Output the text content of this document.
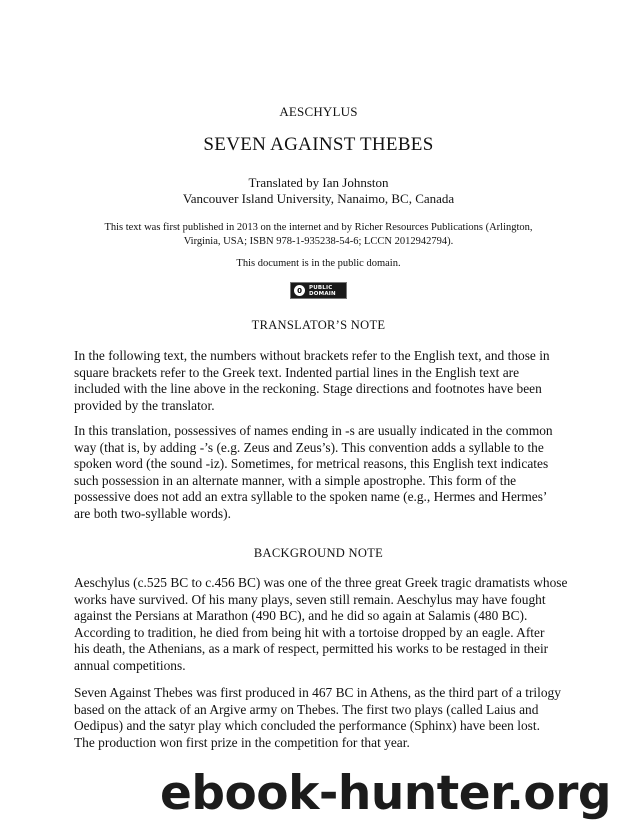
AESCHYLUS
SEVEN AGAINST THEBES
Translated by Ian Johnston
Vancouver Island University, Nanaimo, BC, Canada
This text was first published in 2013 on the internet and by Richer Resources Publications (Arlington,
Virginia, USA; ISBN 978-1-935238-54-6; LCCN 2012942794).
This document is in the public domain.
0	PUBLIC
DOMAIN
TRANSLATOR’S NOTE
In the following text, the numbers without brackets refer to the English text, and those in
square brackets refer to the Greek text. Indented partial lines in the English text are
included with the line above in the reckoning. Stage directions and footnotes have been
provided by the translator.
In this translation, possessives of names ending in -s are usually indicated in the common
way (that is, by adding -’s (e.g. Zeus and Zeus’s). This convention adds a syllable to the
spoken word (the sound -iz). Sometimes, for metrical reasons, this English text indicates
such possession in an alternate manner, with a simple apostrophe. This form of the
possessive does not add an extra syllable to the spoken name (e.g., Hermes and Hermes’
are both two-syllable words).
BACKGROUND NOTE
Aeschylus (c.525 BC to c.456 BC) was one of the three great Greek tragic dramatists whose
works have survived. Of his many plays, seven still remain. Aeschylus may have fought
against the Persians at Marathon (490 BC), and he did so again at Salamis (480 BC).
According to tradition, he died from being hit with a tortoise dropped by an eagle. After
his death, the Athenians, as a mark of respect, permitted his works to be restaged in their
annual competitions.
Seven Against Thebes was first produced in 467 BC in Athens, as the third part of a trilogy
based on the attack of an Argive army on Thebes. The first two plays (called Laius and
Oedipus) and the satyr play which concluded the performance (Sphinx) have been lost.
The production won first prize in the competition for that year.
ebook-hunter.org
